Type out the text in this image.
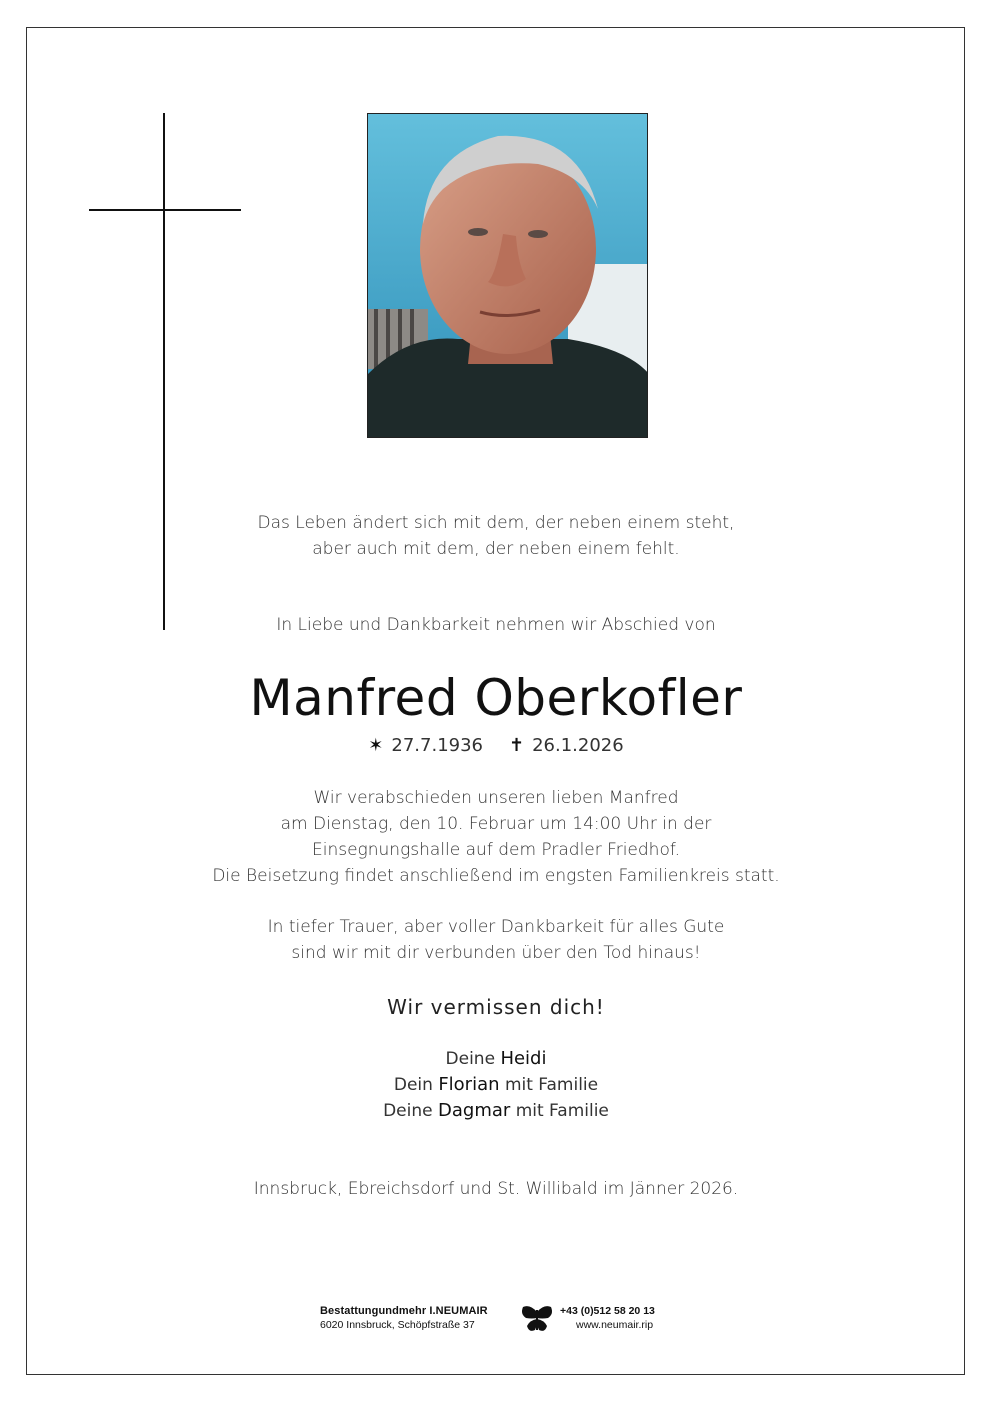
Das Leben ändert sich mit dem, der neben einem steht,
aber auch mit dem, der neben einem fehlt.
In Liebe und Dankbarkeit nehmen wir Abschied von
Manfred Oberkofler
✶ 27.7.1936 ✝ 26.1.2026
Wir verabschieden unseren lieben Manfred
am Dienstag, den 10. Februar um 14:00 Uhr in der
Einsegnungshalle auf dem Pradler Friedhof.
Die Beisetzung findet anschließend im engsten Familienkreis statt.
In tiefer Trauer, aber voller Dankbarkeit für alles Gute
sind wir mit dir verbunden über den Tod hinaus!
Wir vermissen dich!
Deine Heidi
Dein Florian mit Familie
Deine Dagmar mit Familie
Innsbruck, Ebreichsdorf und St. Willibald im Jänner 2026.
Bestattungundmehr I.NEUMAIR
6020 Innsbruck, Schöpfstraße 37
+43 (0)512 58 20 13
www.neumair.rip
